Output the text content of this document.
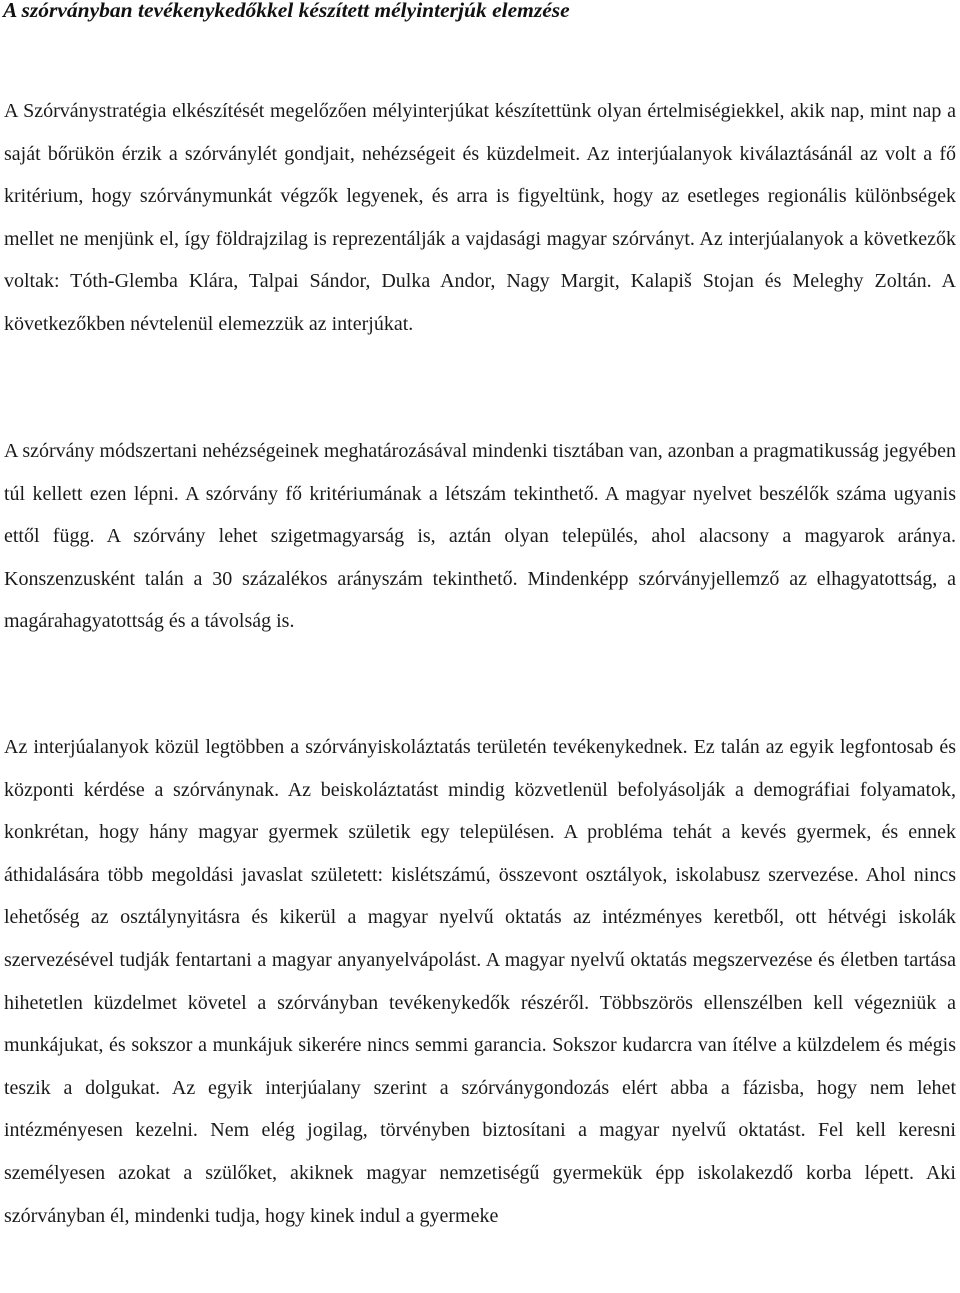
A szórványban tevékenykedőkkel készített mélyinterjúk elemzése

A Szórványstratégia elkészítését megelőzően mélyinterjúkat készítettünk olyan értelmiségiekkel, akik nap, mint nap a saját bőrükön érzik a szórványlét gondjait, nehézségeit és küzdelmeit. Az interjúalanyok kiválaztásánál az volt a fő kritérium, hogy szórványmunkát végzők legyenek, és arra is figyeltünk, hogy az esetleges regionális különbségek mellet ne menjünk el, így földrajzilag is reprezentálják a vajdasági magyar szórványt. Az interjúalanyok a következők voltak: Tóth-Glemba Klára, Talpai Sándor, Dulka Andor, Nagy Margit, Kalapiš Stojan és Meleghy Zoltán. A következőkben névtelenül elemezzük az interjúkat.

A szórvány módszertani nehézségeinek meghatározásával mindenki tisztában van, azonban a pragmatikusság jegyében túl kellett ezen lépni. A szórvány fő kritériumának a létszám tekinthető. A magyar nyelvet beszélők száma ugyanis ettől függ. A szórvány lehet szigetmagyarság is, aztán olyan település, ahol alacsony a magyarok aránya. Konszenzusként talán a 30 százalékos arányszám tekinthető. Mindenképp szórványjellemző az elhagyatottság, a magárahagyatottság és a távolság is.

Az interjúalanyok közül legtöbben a szórványiskoláztatás területén tevékenykednek. Ez talán az egyik legfontosab és központi kérdése a szórványnak. Az beiskoláztatást mindig közvetlenül befolyásolják a demográfiai folyamatok, konkrétan, hogy hány magyar gyermek születik egy településen. A probléma tehát a kevés gyermek, és ennek áthidalására több megoldási javaslat született: kislétszámú, összevont osztályok, iskolabusz szervezése. Ahol nincs lehetőség az osztálynyitásra és kikerül a magyar nyelvű oktatás az intézményes keretből, ott hétvégi iskolák szervezésével tudják fentartani a magyar anyanyelvápolást. A magyar nyelvű oktatás megszervezése és életben tartása hihetetlen küzdelmet követel a szórványban tevékenykedők részéről. Többszörös ellenszélben kell végezniük a munkájukat, és sokszor a munkájuk sikerére nincs semmi garancia. Sokszor kudarcra van ítélve a külzdelem és mégis teszik a dolgukat. Az egyik interjúalany szerint a szórványgondozás elért abba a fázisba, hogy nem lehet intézményesen kezelni. Nem elég jogilag, törvényben biztosítani a magyar nyelvű oktatást. Fel kell keresni személyesen azokat a szülőket, akiknek magyar nemzetiségű gyermekük épp iskolakezdő korba lépett. Aki szórványban él, mindenki tudja, hogy kinek indul a gyermeke
